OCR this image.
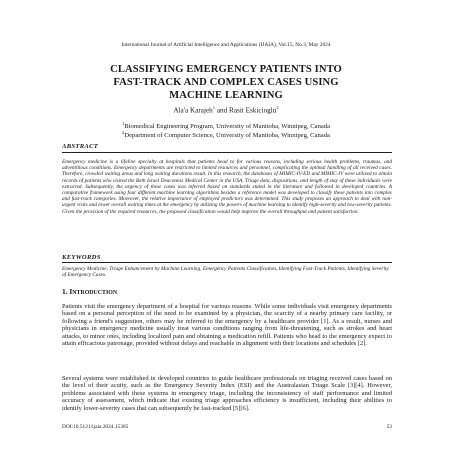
International Journal of Artificial Intelligence and Applications (IJAIA), Vol.15, No.3, May 2024
CLASSIFYING EMERGENCY PATIENTS INTO
FAST-TRACK AND COMPLEX CASES USING
MACHINE LEARNING
Ala'a Karajeh$^1$ and Rasit Eskicioglu$^2$
$^1$Biomedical Engineering Program, University of Manitoba, Winnipeg, Canada
$^2$Department of Computer Science, University of Manitoba, Winnipeg, Canada
ABSTRACT
Emergency medicine is a lifeline specialty at hospitals that patients head to for various reasons, including serious health problems, traumas, and adventitious conditions. Emergency departments are restricted to limited resources and personnel, complicating the optimal handling of all received cases. Therefore, crowded waiting areas and long waiting durations result. In this research, the databases of MIMIC-IV-ED and MIMIC-IV were utilized to obtain records of patients who visited the Beth Israel Deaconess Medical Center in the USA. Triage data, dispositions, and length of stay of these individuals were extracted. Subsequently, the urgency of these cases was inferred based on standards stated in the literature and followed in developed countries. A comparative framework using four different machine learning algorithms besides a reference model was developed to classify these patients into complex and fast-track categories. Moreover, the relative importance of employed predictors was determined. This study proposes an approach to deal with non-urgent visits and lower overall waiting times at the emergency by utilizing the powers of machine learning to identify high-severity and low-severity patients. Given the provision of the required resources, the proposed classification would help improve the overall throughput and patient satisfaction.
KEYWORDS
Emergency Medicine, Triage Enhancement by Machine Learning, Emergency Patients Classification, Identifying Fast-Track Patients, Identifying Severity of Emergency Cases.
1. INTRODUCTION
Patients visit the emergency department of a hospital for various reasons. While some individuals visit emergency departments based on a personal perception of the need to be examined by a physician, the scarcity of a nearby primary care facility, or following a friend's suggestion, others may be referred to the emergency by a healthcare provider [1]. As a result, nurses and physicians in emergency medicine usually treat various conditions ranging from life-threatening, such as strokes and heart attacks, to minor ones, including localized pain and obtaining a medication refill. Patients who head to the emergency expect to attain efficacious patronage, provided without delays and reachable in alignment with their locations and schedules [2].
Several systems were established in developed countries to guide healthcare professionals on triaging received cases based on the level of their acuity, such as the Emergency Severity Index (ESI) and the Australasian Triage Scale [3][4]. However, problems associated with these systems in emergency triage, including the inconsistency of staff performance and limited accuracy of assessment, which indicate that existing triage approaches efficiency is insufficient, including their abilities to identify lower-severity cases that can subsequently be fast-tracked [5][6].
DOI:10.5121/ijaia.2024.15305	53
